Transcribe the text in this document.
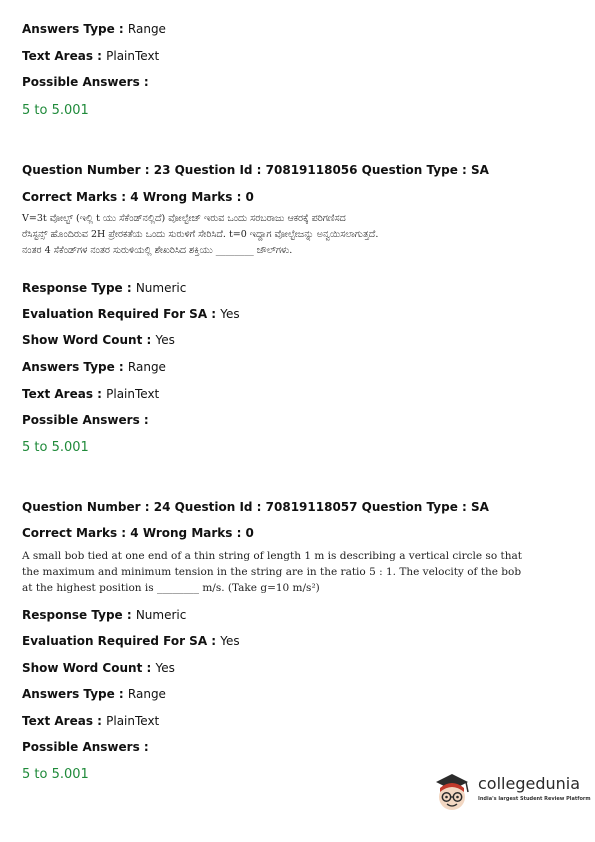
Answers Type : Range
Text Areas : PlainText
Possible Answers :
5 to 5.001
Question Number : 23 Question Id : 70819118056 Question Type : SA
Correct Marks : 4 Wrong Marks : 0
V=3t ವೋಲ್ಟ್ (ಇಲ್ಲಿ t ಯು ಸೆಕೆಂಡ್‌ನಲ್ಲಿದೆ) ವೋಲ್ಟೇಜ್ ಇರುವ ಒಂದು ಸರಬರಾಜು ಆಕರಕ್ಕೆ ಪರಿಗಣಿಸದ
ರೆಸಿಸ್ಟನ್ಸ್ ಹೊಂದಿರುವ 2H ಪ್ರೇರಕತೆಯ ಒಂದು ಸುರುಳಿಗೆ ಸೇರಿಸಿದೆ. t=0 ಇದ್ದಾಗ ವೋಲ್ಟೇಜನ್ನು ಅನ್ವಯಿಸಲಾಗುತ್ತದೆ.
ನಂತರ 4 ಸೆಕೆಂಡ್‌ಗಳ ನಂತರ ಸುರುಳಿಯಲ್ಲಿ ಶೇಖರಿಸಿದ ಶಕ್ತಿಯು ________ ಜೌಲ್‌ಗಳು.
Response Type : Numeric
Evaluation Required For SA : Yes
Show Word Count : Yes
Answers Type : Range
Text Areas : PlainText
Possible Answers :
5 to 5.001
Question Number : 24 Question Id : 70819118057 Question Type : SA
Correct Marks : 4 Wrong Marks : 0
A small bob tied at one end of a thin string of length 1 m is describing a vertical circle so that
the maximum and minimum tension in the string are in the ratio 5 : 1. The velocity of the bob
at the highest position is ________ m/s. (Take g=10 m/s²)
Response Type : Numeric
Evaluation Required For SA : Yes
Show Word Count : Yes
Answers Type : Range
Text Areas : PlainText
Possible Answers :
5 to 5.001	collegedunia
India's largest Student Review Platform
